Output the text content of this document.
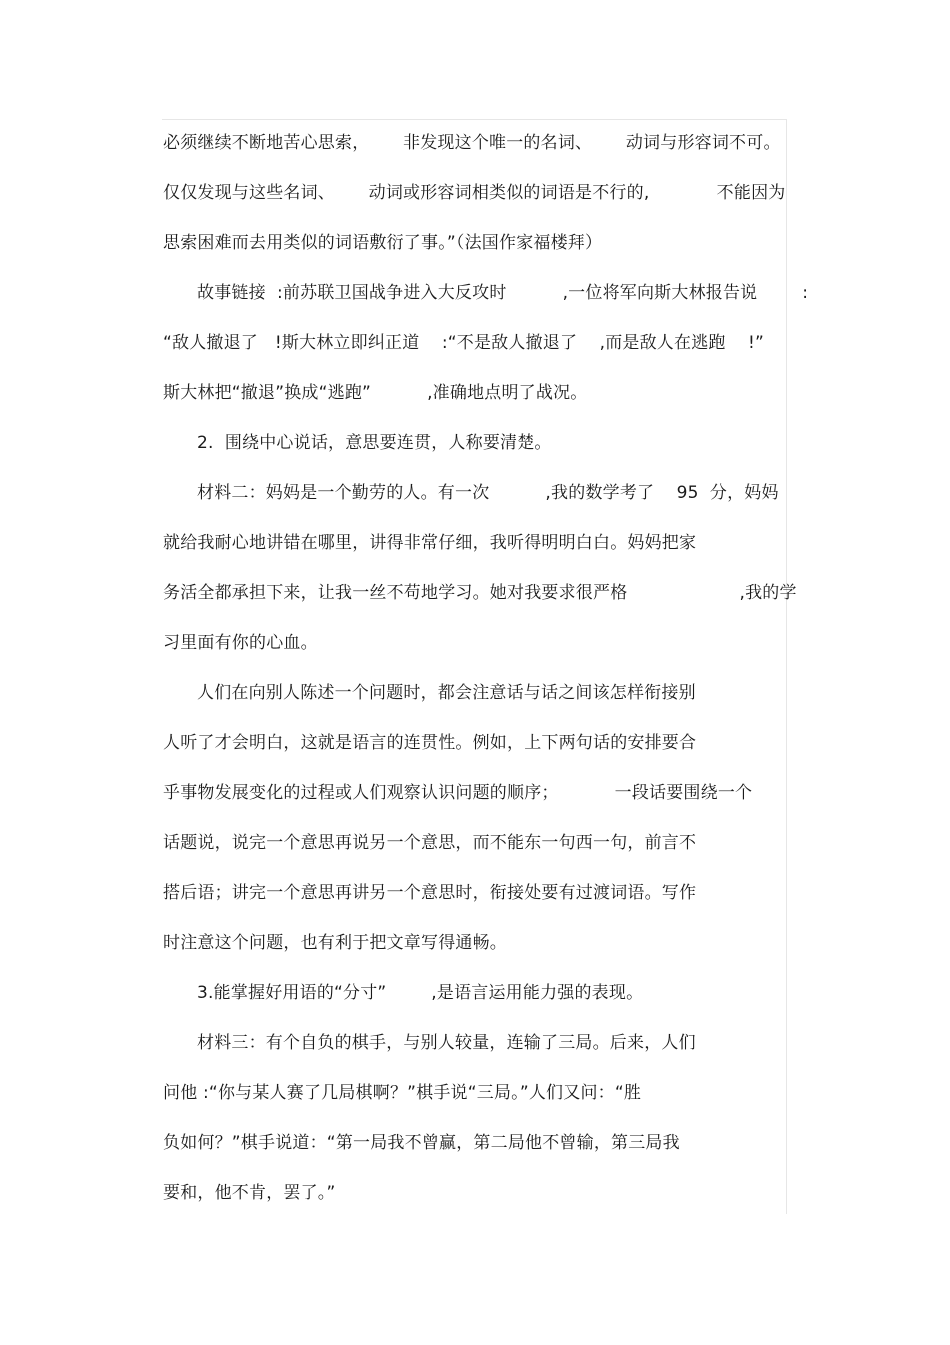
必须继续不断地苦心思索，      非发现这个唯一的名词、      动词与形容词不可。
仅仅发现与这些名词、      动词或形容词相类似的词语是不行的,            不能因为
思索困难而去用类似的词语敷衍了事。”（法国作家福楼拜）
故事链接  :前苏联卫国战争进入大反攻时          ,一位将军向斯大林报告说        :
“敌人撤退了   !斯大林立即纠正道    :“不是敌人撤退了    ,而是敌人在逃跑    !”
斯大林把“撤退”换成“逃跑”          ,准确地点明了战况。
2.  围绕中心说话，意思要连贯，人称要清楚。
材料二：妈妈是一个勤劳的人。有一次          ,我的数学考了    95  分，妈妈
就给我耐心地讲错在哪里，讲得非常仔细，我听得明明白白。妈妈把家
务活全都承担下来，让我一丝不苟地学习。她对我要求很严格                    ,我的学
习里面有你的心血。
人们在向别人陈述一个问题时，都会注意话与话之间该怎样衔接别
人听了才会明白，这就是语言的连贯性。例如，上下两句话的安排要合
乎事物发展变化的过程或人们观察认识问题的顺序；          一段话要围绕一个
话题说，说完一个意思再说另一个意思，而不能东一句西一句，前言不
搭后语；讲完一个意思再讲另一个意思时，衔接处要有过渡词语。写作
时注意这个问题，也有利于把文章写得通畅。
3.能掌握好用语的“分寸”        ,是语言运用能力强的表现。
材料三：有个自负的棋手，与别人较量，连输了三局。后来，人们
问他 :“你与某人赛了几局棋啊？”棋手说“三局。”人们又问：“胜
负如何？”棋手说道：“第一局我不曾赢，第二局他不曾输，第三局我
要和，他不肯，罢了。”
